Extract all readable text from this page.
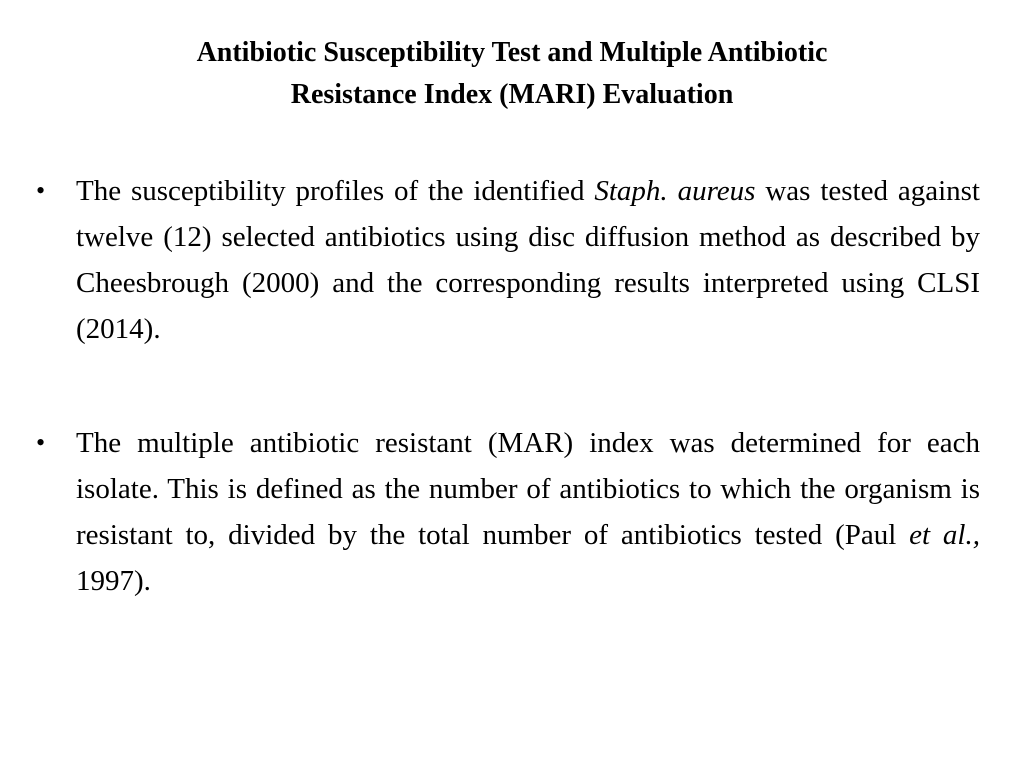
Antibiotic Susceptibility Test and Multiple Antibiotic
Resistance Index (MARI) Evaluation
•	The susceptibility profiles of the identified Staph. aureus was tested against twelve (12) selected antibiotics using disc diffusion method as described by Cheesbrough (2000) and the corresponding results interpreted using CLSI (2014).
•	The multiple antibiotic resistant (MAR) index was determined for each isolate. This is defined as the number of antibiotics to which the organism is resistant to, divided by the total number of antibiotics tested (Paul et al., 1997).
